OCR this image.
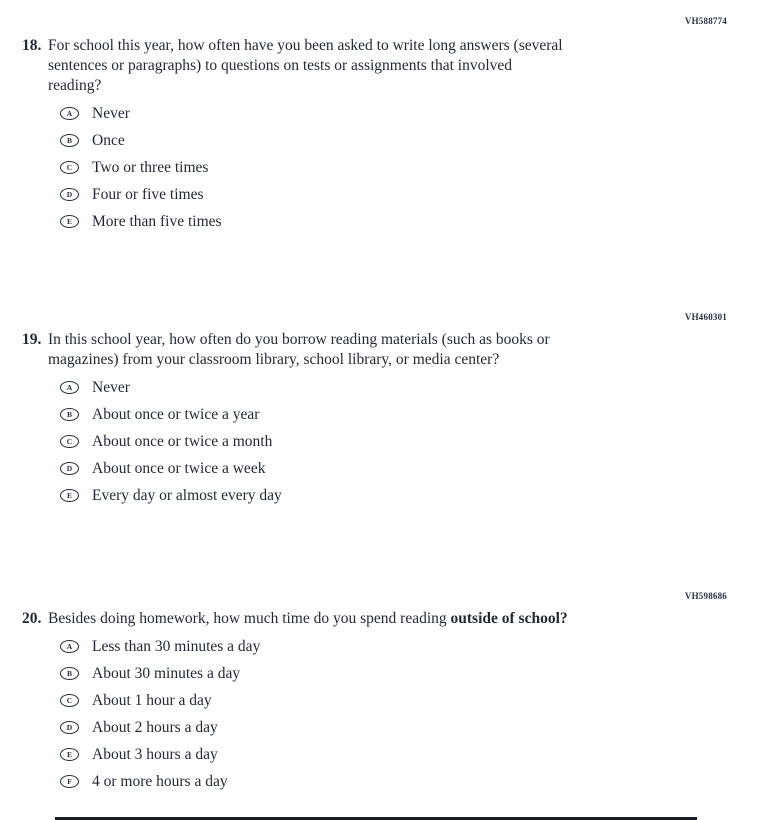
VH588774
VH460301
VH598686
18. For school this year, how often have you been asked to write long answers (several
sentences or paragraphs) to questions on tests or assignments that involved
reading?
A	Never
B	Once
C	Two or three times
D	Four or five times
E	More than five times
19. In this school year, how often do you borrow reading materials (such as books or
magazines) from your classroom library, school library, or media center?
A	Never
B	About once or twice a year
C	About once or twice a month
D	About once or twice a week
E	Every day or almost every day
20. Besides doing homework, how much time do you spend reading outside of school?
A	Less than 30 minutes a day
B	About 30 minutes a day
C	About 1 hour a day
D	About 2 hours a day
E	About 3 hours a day
F	4 or more hours a day
